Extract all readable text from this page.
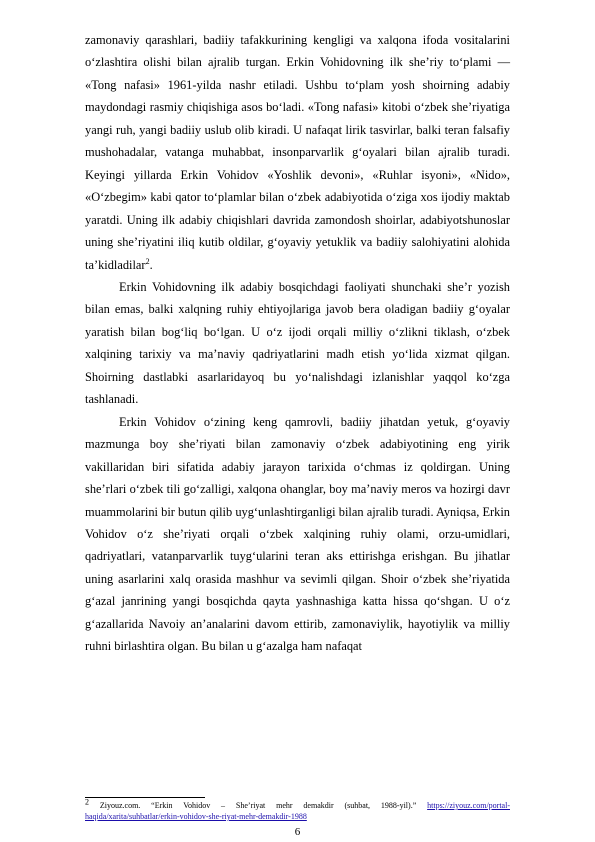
zamonaviy qarashlari, badiiy tafakkurining kengligi va xalqona ifoda vositalarini o‘zlashtira olishi bilan ajralib turgan. Erkin Vohidovning ilk she’riy to‘plami — «Tong nafasi» 1961-yilda nashr etiladi. Ushbu to‘plam yosh shoirning adabiy maydondagi rasmiy chiqishiga asos bo‘ladi. «Tong nafasi» kitobi o‘zbek she’riyatiga yangi ruh, yangi badiiy uslub olib kiradi. U nafaqat lirik tasvirlar, balki teran falsafiy mushohadalar, vatanga muhabbat, insonparvarlik g‘oyalari bilan ajralib turadi. Keyingi yillarda Erkin Vohidov «Yoshlik devoni», «Ruhlar isyoni», «Nido», «O‘zbegim» kabi qator to‘plamlar bilan o‘zbek adabiyotida o‘ziga xos ijodiy maktab yaratdi. Uning ilk adabiy chiqishlari davrida zamondosh shoirlar, adabiyotshunoslar uning she’riyatini iliq kutib oldilar, g‘oyaviy yetuklik va badiiy salohiyatini alohida ta’kidladilar$^2$.

Erkin Vohidovning ilk adabiy bosqichdagi faoliyati shunchaki she’r yozish bilan emas, balki xalqning ruhiy ehtiyojlariga javob bera oladigan badiiy g‘oyalar yaratish bilan bog‘liq bo‘lgan. U o‘z ijodi orqali milliy o‘zlikni tiklash, o‘zbek xalqining tarixiy va ma’naviy qadriyatlarini madh etish yo‘lida xizmat qilgan. Shoirning dastlabki asarlaridayoq bu yo‘nalishdagi izlanishlar yaqqol ko‘zga tashlanadi.

Erkin Vohidov o‘zining keng qamrovli, badiiy jihatdan yetuk, g‘oyaviy mazmunga boy she’riyati bilan zamonaviy o‘zbek adabiyotining eng yirik vakillaridan biri sifatida adabiy jarayon tarixida o‘chmas iz qoldirgan. Uning she’rlari o‘zbek tili go‘zalligi, xalqona ohanglar, boy ma’naviy meros va hozirgi davr muammolarini bir butun qilib uyg‘unlashtirganligi bilan ajralib turadi. Ayniqsa, Erkin Vohidov o‘z she’riyati orqali o‘zbek xalqining ruhiy olami, orzu-umidlari, qadriyatlari, vatanparvarlik tuyg‘ularini teran aks ettirishga erishgan. Bu jihatlar uning asarlarini xalq orasida mashhur va sevimli qilgan. Shoir o‘zbek she’riyatida g‘azal janrining yangi bosqichda qayta yashnashiga katta hissa qo‘shgan. U o‘z g‘azallarida Navoiy an’analarini davom ettirib, zamonaviylik, hayotiylik va milliy ruhni birlashtira olgan. Bu bilan u g‘azalga ham nafaqat

$^2$ Ziyouz.com. “Erkin Vohidov – She’riyat mehr demakdir (suhbat, 1988-yil).” https://ziyouz.com/portal-haqida/xarita/suhbatlar/erkin-vohidov-she-riyat-mehr-demakdir-1988
6
